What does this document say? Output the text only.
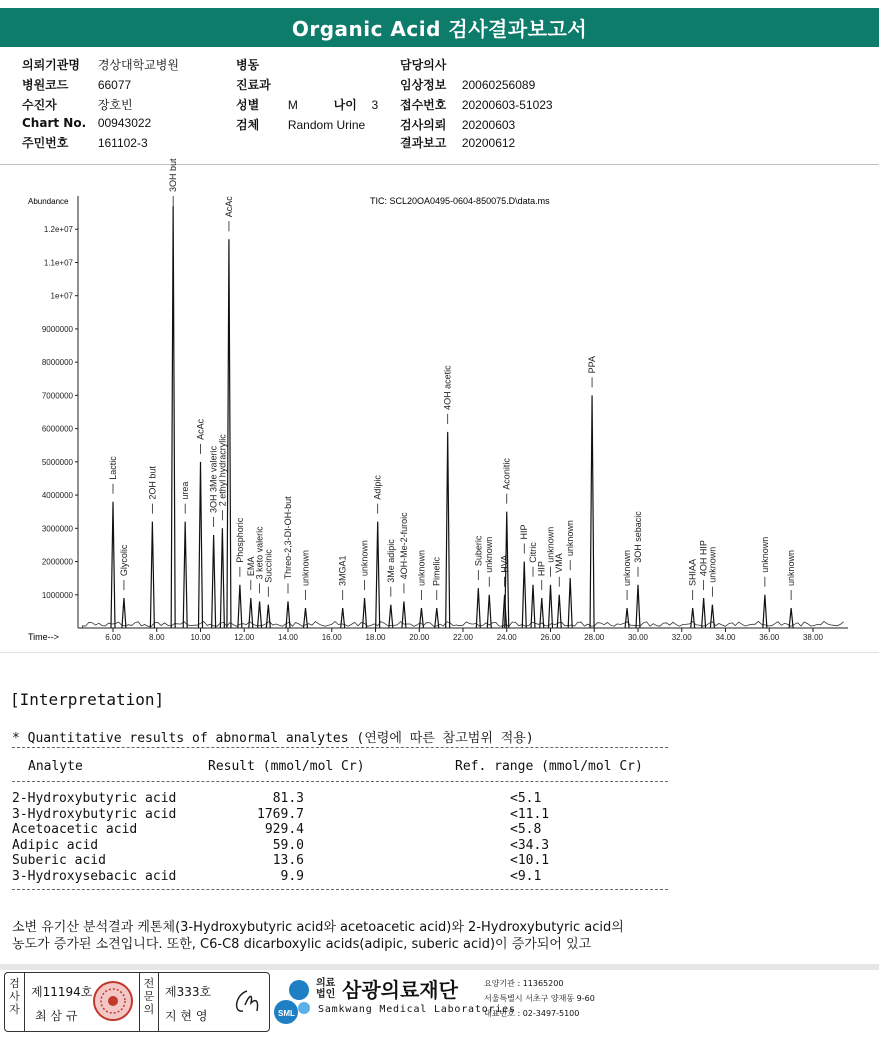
Organic Acid 검사결과보고서
의뢰기관명 경상대학교병원
병원코드 66077
수진자	장호빈
Chart No. 00943022
주민번호 161102-3
병동
진료과
성별 M	나이 3
검체 Random Urine
담당의사
임상정보 20060256089
접수번호 20200603-51023
검사의뢰 20200603
결과보고 20200612
Abundance	TIC: SCL20OA0495-0604-850075.D\data.ms
Time-->
1000000
2000000
3000000
4000000
5000000
6000000
7000000
8000000
9000000
1e+07
1.1e+07
1.2e+07
6.00	8.00	10.00	12.00	14.00	16.00	18.00	20.00	22.00	24.00	26.00	28.00	30.00	32.00	34.00	36.00	38.00
Lactic
Glycolic
2OH but
3OH but
urea
AcAc
3OH 3Me valeric
2 ethyl hydracrylic
AcAc
Phosphoric
EMA
3 keto valeric
Succinic Threo-2,3-DI-OH-but unknown	3MGA1 unknown
Adipic
3Me adipic 4OH-Me-2-furoic unknown Pimelic
4OH acetic
Suberic unknown HVA
Aconitic
HIP
Citric
HIP
unknown
VMA
unknown
PPA
unknown
3OH sebacic
SHIAA 4OH HIP
unknown	unknown unknown
[Interpretation]
* Quantitative results of abnormal analytes (연령에 따른 참고범위 적용)
Analyte	Result (mmol/mol Cr)	Ref. range (mmol/mol Cr)
2-Hydroxybutyric acid	81.3	<5.1
3-Hydroxybutyric acid	1769.7	<11.1
Acetoacetic acid	929.4	<5.8
Adipic acid	59.0	<34.3
Suberic acid	13.6	<10.1
3-Hydroxysebacic acid	9.9	<9.1
소변 유기산 분석결과 케톤체(3-Hydroxybutyric acid와 acetoacetic acid)와 2-Hydroxybutyric acid의
농도가 증가된 소견입니다. 또한, C6-C8 dicarboxylic acids(adipic, suberic acid)이 증가되어 있고
검
사
자
제11194호
최 삼 규
전
문
의
제333호
지 현 영	SML
의료법인 삼광의료재단
Samkwang Medical Laboratories
요양기관 : 11365200
서울특별시 서초구 양재동 9-60
대표번호 : 02-3497-5100
